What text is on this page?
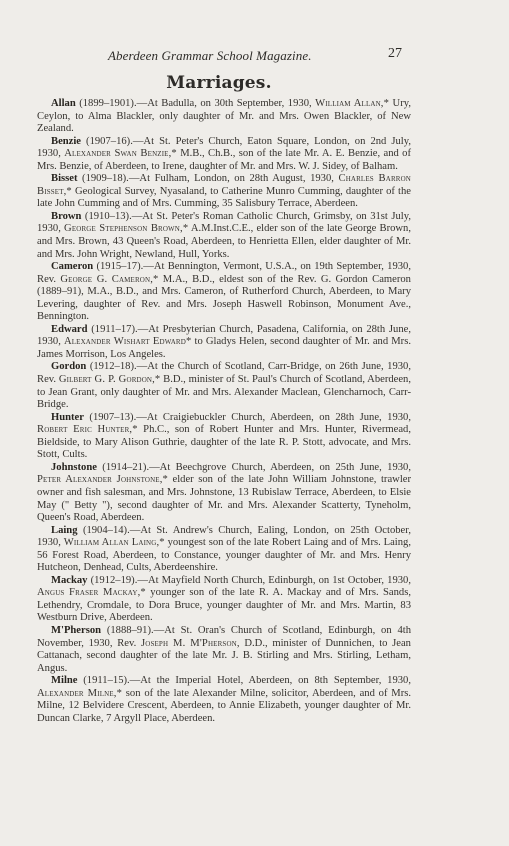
Aberdeen Grammar School Magazine.	27
Marriages.

Allan (1899–1901).—At Badulla, on 30th September, 1930, William Allan,* Ury, Ceylon, to Alma Blackler, only daughter of Mr. and Mrs. Owen Blackler, of New Zealand.

Benzie (1907–16).—At St. Peter's Church, Eaton Square, London, on 2nd July, 1930, Alexander Swan Benzie,* M.B., Ch.B., son of the late Mr. A. E. Benzie, and of Mrs. Benzie, of Aberdeen, to Irene, daughter of Mr. and Mrs. W. J. Sidey, of Balham.

Bisset (1909–18).—At Fulham, London, on 28th August, 1930, Charles Barron Bisset,* Geological Survey, Nyasaland, to Catherine Munro Cumming, daughter of the late John Cumming and of Mrs. Cumming, 35 Salisbury Terrace, Aberdeen.

Brown (1910–13).—At St. Peter's Roman Catholic Church, Grimsby, on 31st July, 1930, George Stephenson Brown,* A.M.Inst.C.E., elder son of the late George Brown, and Mrs. Brown, 43 Queen's Road, Aberdeen, to Henrietta Ellen, elder daughter of Mr. and Mrs. John Wright, Newland, Hull, Yorks.

Cameron (1915–17).—At Bennington, Vermont, U.S.A., on 19th September, 1930, Rev. George G. Cameron,* M.A., B.D., eldest son of the Rev. G. Gordon Cameron (1889–91), M.A., B.D., and Mrs. Cameron, of Rutherford Church, Aberdeen, to Mary Levering, daughter of Rev. and Mrs. Joseph Haswell Robinson, Monument Ave., Bennington.

Edward (1911–17).—At Presbyterian Church, Pasadena, California, on 28th June, 1930, Alexander Wishart Edward* to Gladys Helen, second daughter of Mr. and Mrs. James Morrison, Los Angeles.

Gordon (1912–18).—At the Church of Scotland, Carr-Bridge, on 26th June, 1930, Rev. Gilbert G. P. Gordon,* B.D., minister of St. Paul's Church of Scotland, Aberdeen, to Jean Grant, only daughter of Mr. and Mrs. Alexander Maclean, Glencharnoch, Carr-Bridge.

Hunter (1907–13).—At Craigiebuckler Church, Aberdeen, on 28th June, 1930, Robert Eric Hunter,* Ph.C., son of Robert Hunter and Mrs. Hunter, Rivermead, Bieldside, to Mary Alison Guthrie, daughter of the late R. P. Stott, advocate, and Mrs. Stott, Cults.

Johnstone (1914–21).—At Beechgrove Church, Aberdeen, on 25th June, 1930, Peter Alexander Johnstone,* elder son of the late John William Johnstone, trawler owner and fish salesman, and Mrs. Johnstone, 13 Rubislaw Terrace, Aberdeen, to Elsie May (" Betty "), second daughter of Mr. and Mrs. Alexander Scatterty, Tyneholm, Queen's Road, Aberdeen.

Laing (1904–14).—At St. Andrew's Church, Ealing, London, on 25th October, 1930, William Allan Laing,* youngest son of the late Robert Laing and of Mrs. Laing, 56 Forest Road, Aberdeen, to Constance, younger daughter of Mr. and Mrs. Henry Hutcheon, Denhead, Cults, Aberdeenshire.

Mackay (1912–19).—At Mayfield North Church, Edinburgh, on 1st October, 1930, Angus Fraser Mackay,* younger son of the late R. A. Mackay and of Mrs. Sands, Lethendry, Cromdale, to Dora Bruce, younger daughter of Mr. and Mrs. Martin, 83 Westburn Drive, Aberdeen.

M'Pherson (1888–91).—At St. Oran's Church of Scotland, Edinburgh, on 4th November, 1930, Rev. Joseph M. M'Pherson, D.D., minister of Dunnichen, to Jean Cattanach, second daughter of the late Mr. J. B. Stirling and Mrs. Stirling, Letham, Angus.

Milne (1911–15).—At the Imperial Hotel, Aberdeen, on 8th September, 1930, Alexander Milne,* son of the late Alexander Milne, solicitor, Aberdeen, and of Mrs. Milne, 12 Belvidere Crescent, Aberdeen, to Annie Elizabeth, younger daughter of Mr. Duncan Clarke, 7 Argyll Place, Aberdeen.
